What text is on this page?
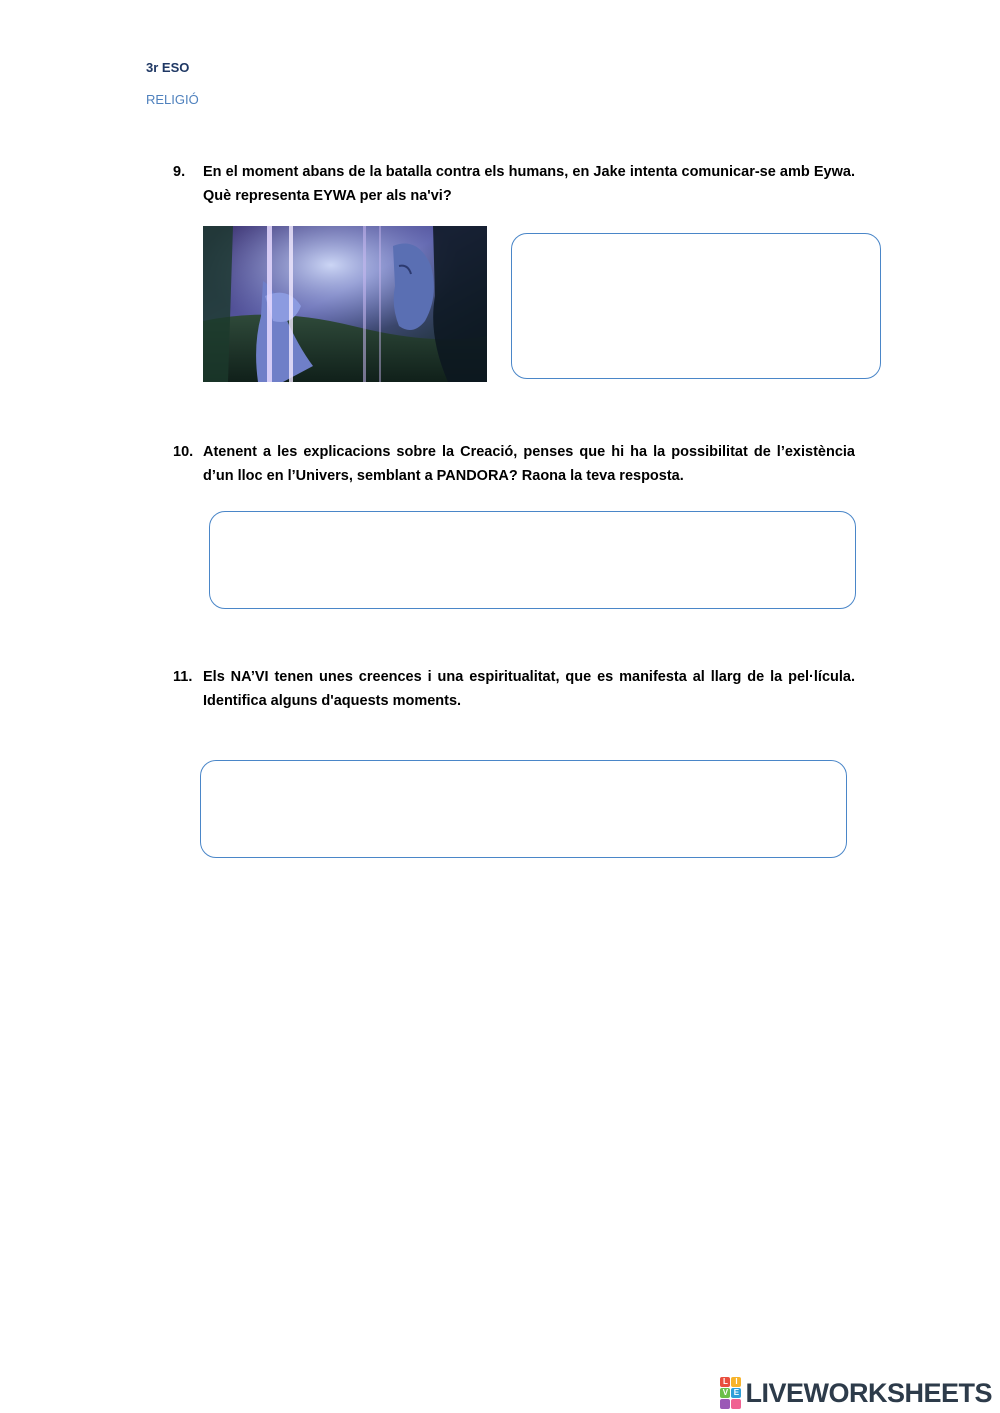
3r ESO
RELIGIÓ
9.	En el moment abans de la batalla contra els humans, en Jake intenta comunicar-se amb Eywa. Què representa EYWA per als na'vi?
10. Atenent a les explicacions sobre la Creació, penses que hi ha la possibilitat de l’existència d’un lloc en l’Univers, semblant a PANDORA? Raona la teva resposta.
11. Els NA’VI tenen unes creences i una espiritualitat, que es manifesta al llarg de la pel·lícula. Identifica alguns d'aquests moments.
L I
V E LIVEWORKSHEETS
